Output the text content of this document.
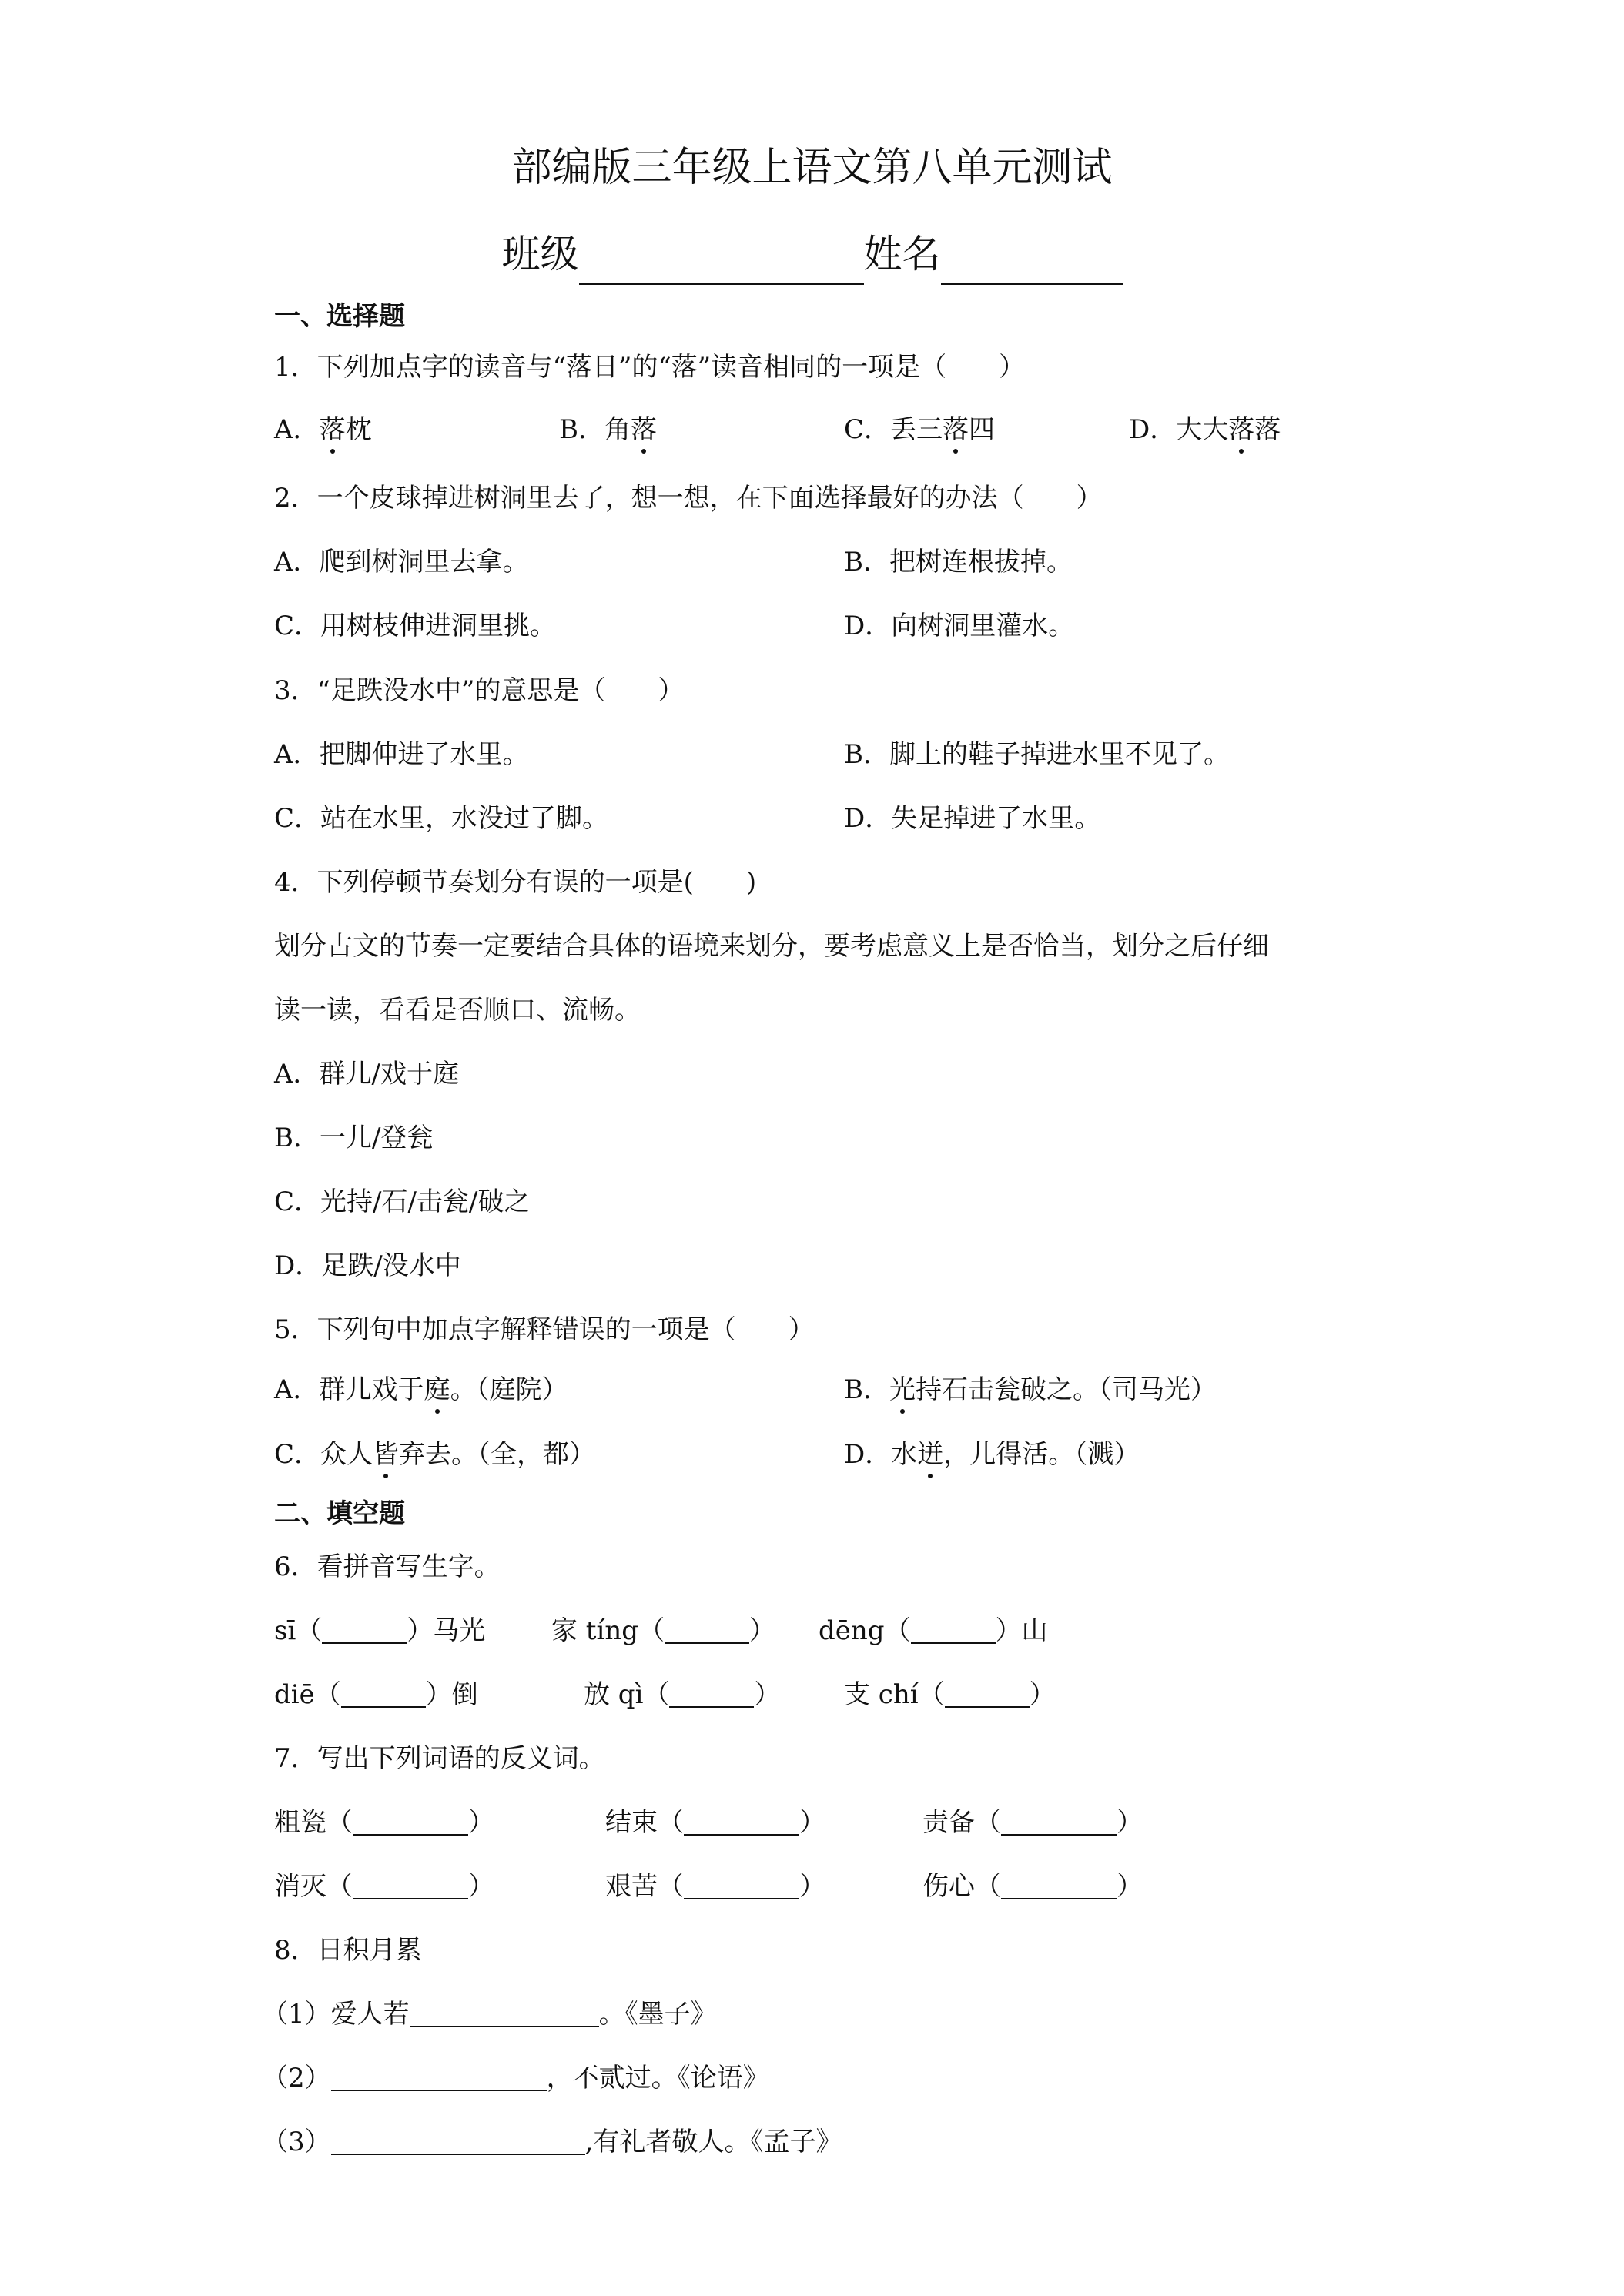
部编版三年级上语文第八单元测试
班级	姓名
一、选择题
1．下列加点字的读音与“落日”的“落”读音相同的一项是（　　）
A．落枕	B．角落	C．丢三落四	D．大大落落
2．一个皮球掉进树洞里去了，想一想，在下面选择最好的办法（　　）
A．爬到树洞里去拿。	B．把树连根拔掉。
C．用树枝伸进洞里挑。	D．向树洞里灌水。
3．“足跌没水中”的意思是（　　）
A．把脚伸进了水里。	B．脚上的鞋子掉进水里不见了。
C．站在水里，水没过了脚。	D．失足掉进了水里。
4．下列停顿节奏划分有误的一项是(　　)
划分古文的节奏一定要结合具体的语境来划分，要考虑意义上是否恰当，划分之后仔细
读一读，看看是否顺口、流畅。
A．群儿/戏于庭
B．一儿/登瓮
C．光持/石/击瓮/破之
D．足跌/没水中
5．下列句中加点字解释错误的一项是（　　）
A．群儿戏于庭。（庭院）	B．光持石击瓮破之。（司马光）
C．众人皆弃去。（全，都）	D．水迸，儿得活。（溅）
二、填空题
6．看拼音写生字。
sī（	）马光	家 tíng（	） dēng（	）山
diē（	）倒	放 qì（	） 支 chí（	）
7．写出下列词语的反义词。
粗瓷（	）	结束（	）	责备（	）
消灭（	）	艰苦（	）	伤心（	）
8．日积月累
（1）爱人若	。《墨子》
（2）	，不贰过。《论语》
（3）	,有礼者敬人。《孟子》
